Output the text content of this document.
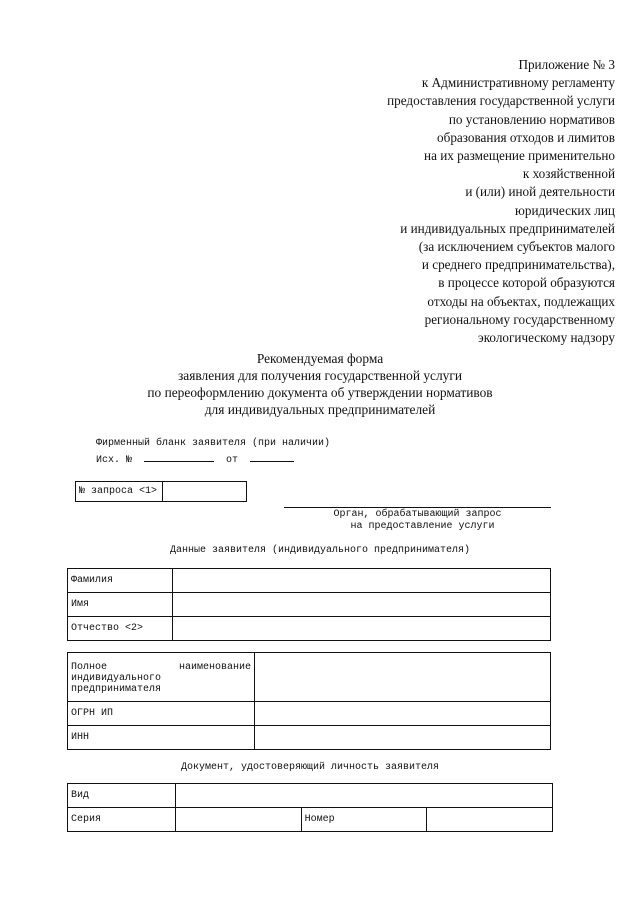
Приложение № 3
к Административному регламенту
предоставления государственной услуги
по установлению нормативов
образования отходов и лимитов
на их размещение применительно
к хозяйственной
и (или) иной деятельности
юридических лиц
и индивидуальных предпринимателей
(за исключением субъектов малого
и среднего предпринимательства),
в процессе которой образуются
отходы на объектах, подлежащих
региональному государственному
экологическому надзору
Рекомендуемая форма
заявления для получения государственной услуги
по переоформлению документа об утверждении нормативов
для индивидуальных предпринимателей
Фирменный бланк заявителя (при наличии)
Исх. №	от
№ запроса <1>
Орган, обрабатывающий запрос
на предоставление услуги
Данные заявителя (индивидуального предпринимателя)
Фамилия	
Имя	
Отчество <2>	
Полное наименование
индивидуального
предпринимателя	

ОГРН ИП	
ИНН	
Документ, удостоверяющий личность заявителя
Вид			
Серия		Номер	
